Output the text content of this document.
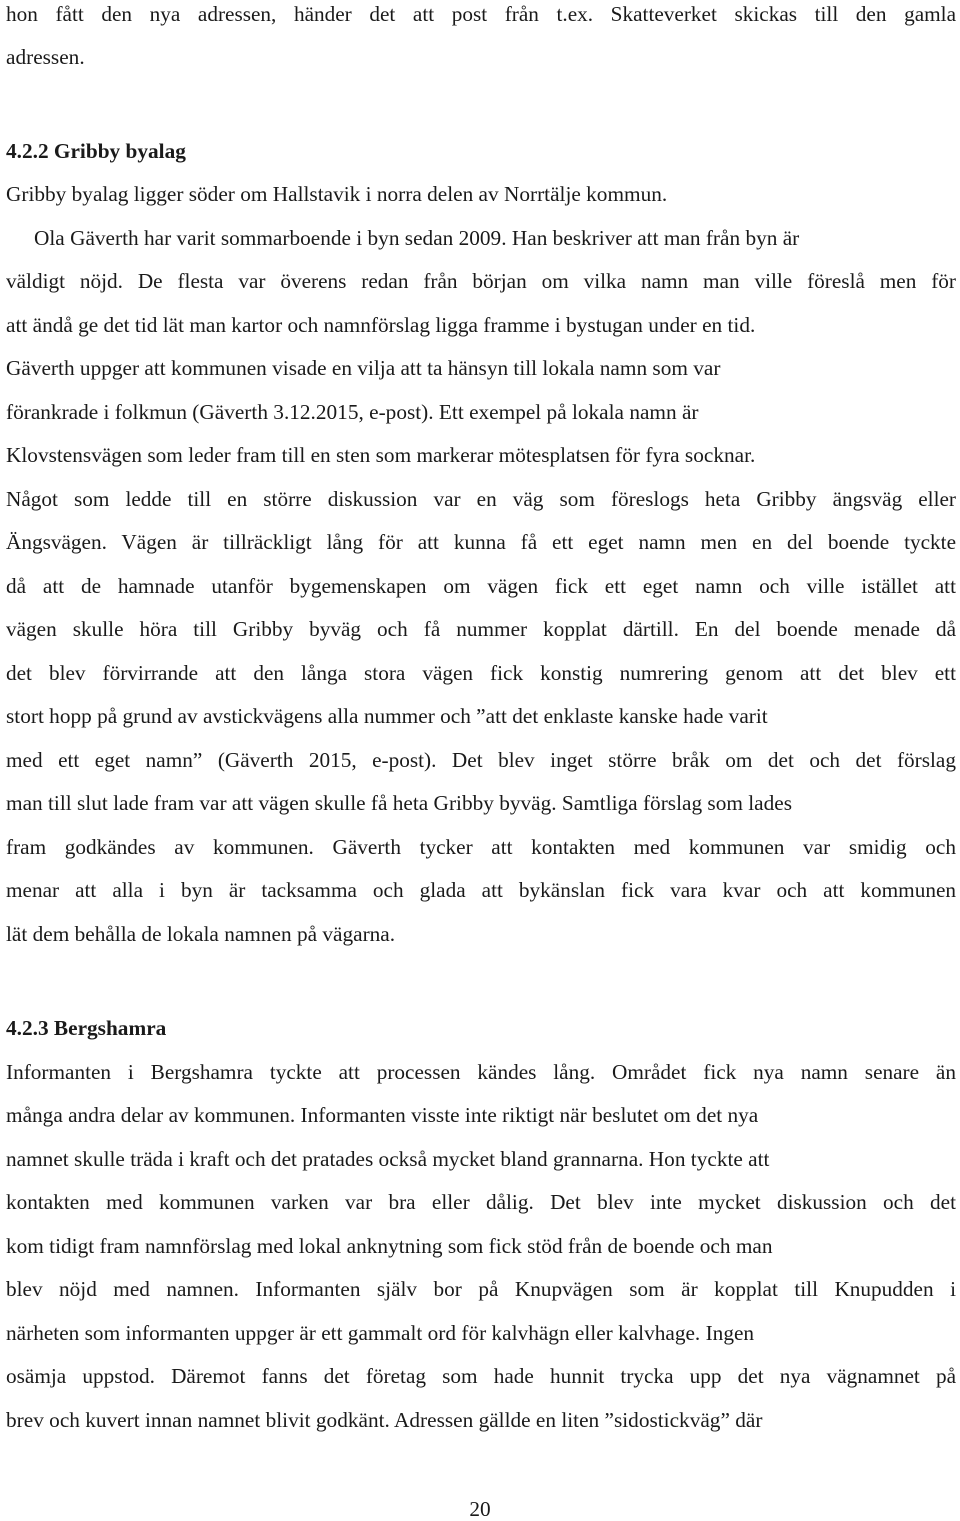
hon fått den nya adressen, händer det att post från t.ex. Skatteverket skickas till den gamla
adressen.
4.2.2 Gribby byalag
Gribby byalag ligger söder om Hallstavik i norra delen av Norrtälje kommun.
Ola Gäverth har varit sommarboende i byn sedan 2009. Han beskriver att man från byn är
väldigt nöjd. De flesta var överens redan från början om vilka namn man ville föreslå men för
att ändå ge det tid lät man kartor och namnförslag ligga framme i bystugan under en tid.
Gäverth uppger att kommunen visade en vilja att ta hänsyn till lokala namn som var
förankrade i folkmun (Gäverth 3.12.2015, e-post). Ett exempel på lokala namn är
Klovstensvägen som leder fram till en sten som markerar mötesplatsen för fyra socknar.
Något som ledde till en större diskussion var en väg som föreslogs heta Gribby ängsväg eller
Ängsvägen. Vägen är tillräckligt lång för att kunna få ett eget namn men en del boende tyckte
då att de hamnade utanför bygemenskapen om vägen fick ett eget namn och ville istället att
vägen skulle höra till Gribby byväg och få nummer kopplat därtill. En del boende menade då
det blev förvirrande att den långa stora vägen fick konstig numrering genom att det blev ett
stort hopp på grund av avstickvägens alla nummer och ”att det enklaste kanske hade varit
med ett eget namn” (Gäverth 2015, e-post). Det blev inget större bråk om det och det förslag
man till slut lade fram var att vägen skulle få heta Gribby byväg. Samtliga förslag som lades
fram godkändes av kommunen. Gäverth tycker att kontakten med kommunen var smidig och
menar att alla i byn är tacksamma och glada att bykänslan fick vara kvar och att kommunen
lät dem behålla de lokala namnen på vägarna.
4.2.3 Bergshamra
Informanten i Bergshamra tyckte att processen kändes lång. Området fick nya namn senare än
många andra delar av kommunen. Informanten visste inte riktigt när beslutet om det nya
namnet skulle träda i kraft och det pratades också mycket bland grannarna. Hon tyckte att
kontakten med kommunen varken var bra eller dålig. Det blev inte mycket diskussion och det
kom tidigt fram namnförslag med lokal anknytning som fick stöd från de boende och man
blev nöjd med namnen. Informanten själv bor på Knupvägen som är kopplat till Knupudden i
närheten som informanten uppger är ett gammalt ord för kalvhägn eller kalvhage. Ingen
osämja uppstod. Däremot fanns det företag som hade hunnit trycka upp det nya vägnamnet på
brev och kuvert innan namnet blivit godkänt. Adressen gällde en liten ”sidostickväg” där
20
